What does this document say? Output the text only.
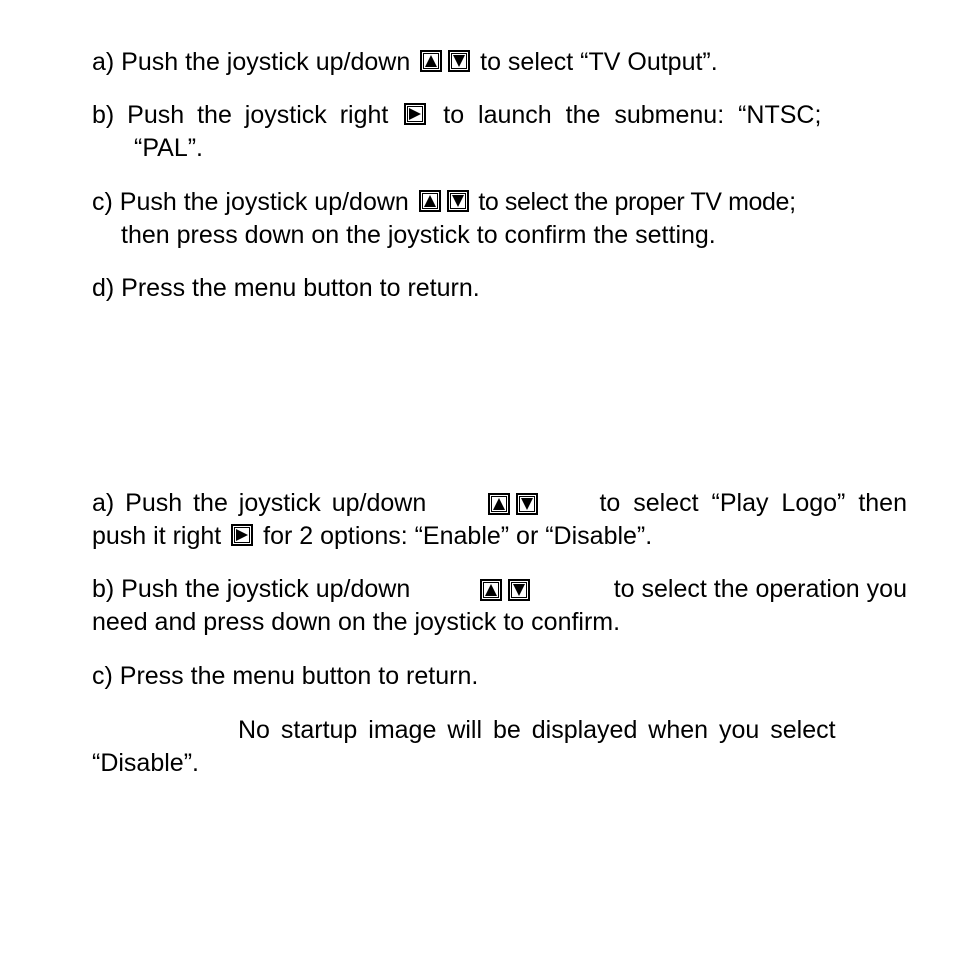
a) Push the joystick up/down
to select “TV Output”.
b) Push the joystick right
to launch the submenu: “NTSC;
“PAL”.
c) Push the joystick up/down
to select the proper TV mode;
then press down on the joystick to confirm the setting.
d) Press the menu button to return.
a) Push the joystick up/down	to select “Play Logo” then
push it right
for 2 options: “Enable” or “Disable”.
b) Push the joystick up/down	to select the operation you
need and press down on the joystick to confirm.
c) Press the menu button to return.
No startup image will be displayed when you select
“Disable”.
